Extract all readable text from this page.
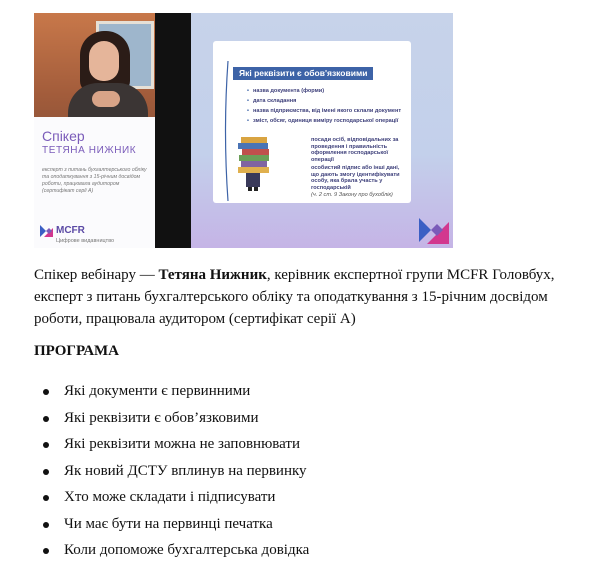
Спікер
ТЕТЯНА НИЖНИК
експерт з питань бухгалтерського обліку та оподаткування з 15-річним досвідом роботи, працювала аудитором (сертифікат серії А)
MCFR
Цифрове видавництво
Які реквізити є обов'язковими
• назва документа (форми)
• дата складання
• назва підприємства, від імені якого склали документ
• зміст, обсяг, одиниця виміру господарської операції
посади осіб, відповідальних за проведення і правильність оформлення господарської операції
особистий підпис або інші дані, що дають змогу ідентифікувати особу, яка брала участь у господарській
(ч. 2 ст. 9 Закону про бухоблік)

Спікер вебінару — Тетяна Нижник, керівник експертної групи MCFR Головбух, експерт з питань бухгалтерського обліку та оподаткування з 15-річним досвідом роботи, працювала аудитором (сертифікат серії А)

ПРОГРАМА
Які документи є первинними
Які реквізити є обов’язковими
Які реквізити можна не заповнювати
Як новий ДСТУ вплинув на первинку
Хто може складати і підписувати
Чи має бути на первинці печатка
Коли допоможе бухгалтерська довідка
